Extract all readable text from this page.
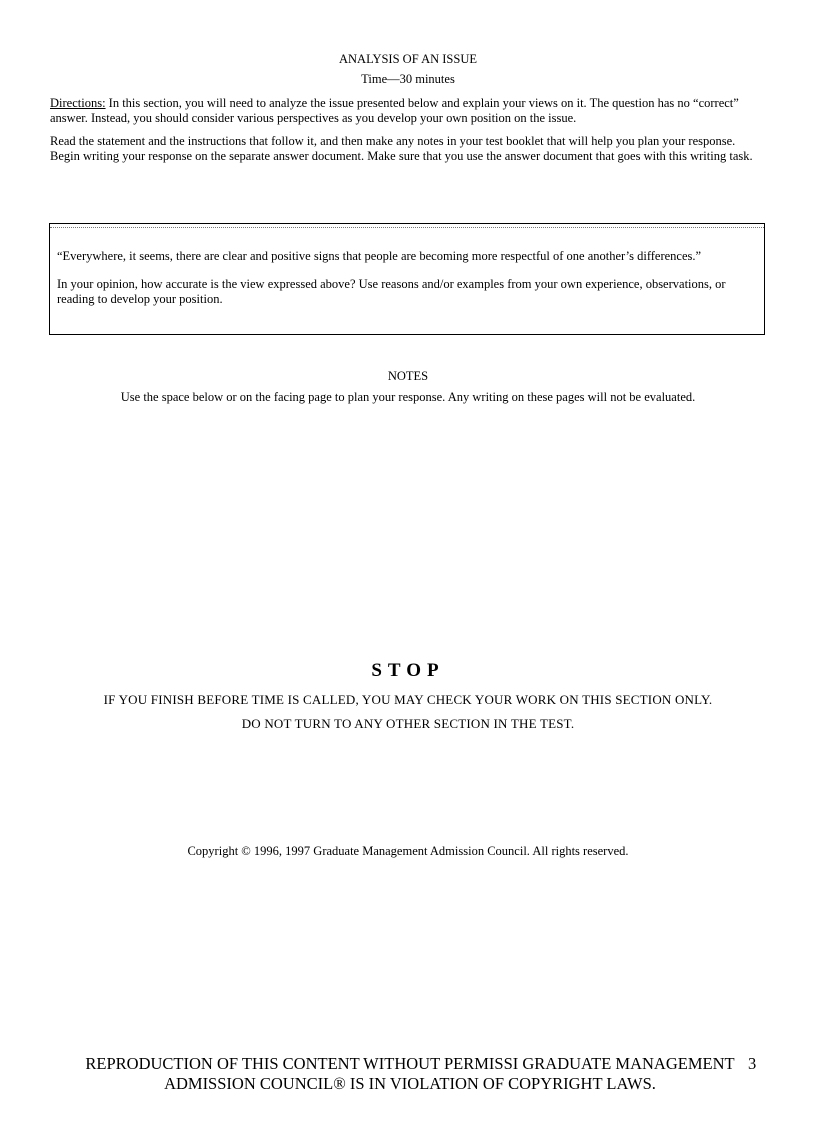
ANALYSIS OF AN ISSUE
Time—30 minutes
Directions: In this section, you will need to analyze the issue presented below and explain your views on it. The question has no “correct” answer. Instead, you should consider various perspectives as you develop your own position on the issue.
Read the statement and the instructions that follow it, and then make any notes in your test booklet that will help you plan your response. Begin writing your response on the separate answer document. Make sure that you use the answer document that goes with this writing task.
“Everywhere, it seems, there are clear and positive signs that people are becoming more respectful of one another’s differences.”
In your opinion, how accurate is the view expressed above? Use reasons and/or examples from your own experience, observations, or reading to develop your position.
NOTES
Use the space below or on the facing page to plan your response. Any writing on these pages will not be evaluated.
STOP
IF YOU FINISH BEFORE TIME IS CALLED, YOU MAY CHECK YOUR WORK ON THIS SECTION ONLY.
DO NOT TURN TO ANY OTHER SECTION IN THE TEST.
Copyright © 1996, 1997 Graduate Management Admission Council. All rights reserved.
REPRODUCTION OF THIS CONTENT WITHOUT PERMISSI GRADUATE MANAGEMENT ADMISSION COUNCIL® IS IN VIOLATION OF COPYRIGHT LAWS.
3
